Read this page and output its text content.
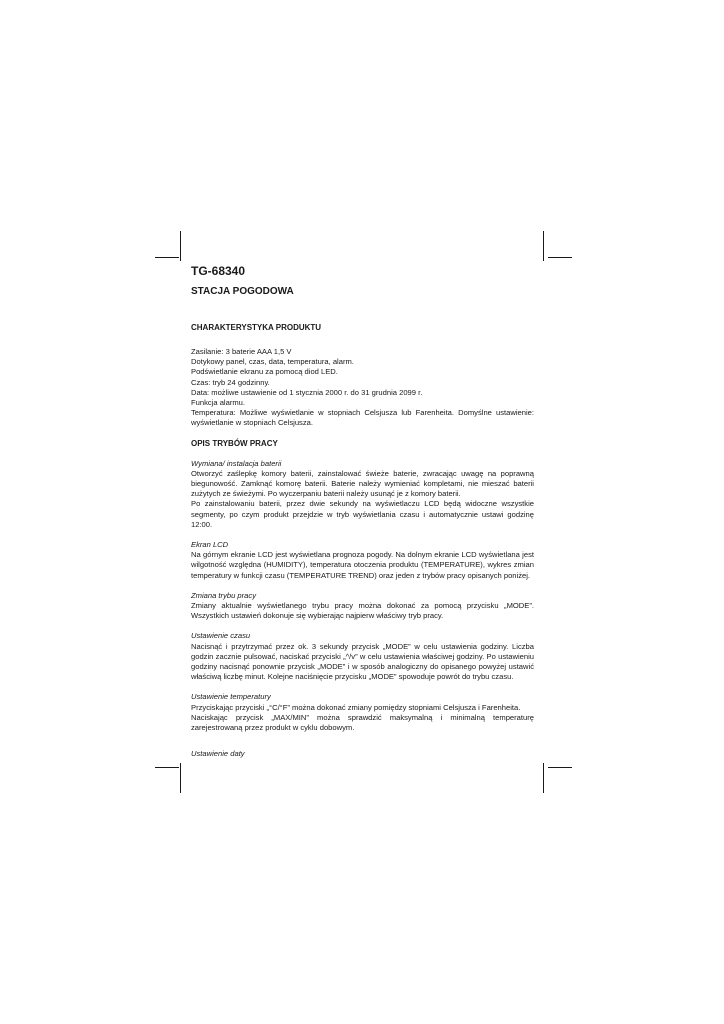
TG-68340

STACJA POGODOWA

CHARAKTERYSTYKA PRODUKTU

Zasilanie: 3 baterie AAA 1,5 V

Dotykowy panel, czas, data, temperatura, alarm.

Podświetlanie ekranu za pomocą diod LED.

Czas: tryb 24 godzinny.

Data: możliwe ustawienie od 1 stycznia 2000 r. do 31 grudnia 2099 r.

Funkcja alarmu.

Temperatura: Możliwe wyświetlanie w stopniach Celsjusza lub Farenheita. Domyślne ustawienie: wyświetlanie w stopniach Celsjusza.

OPIS TRYBÓW PRACY

Wymiana/ instalacja baterii

Otworzyć zaślepkę komory baterii, zainstalować świeże baterie, zwracając uwagę na poprawną biegunowość. Zamknąć komorę baterii. Baterie należy wymieniać kompletami, nie mieszać baterii zużytych ze świeżymi. Po wyczerpaniu baterii należy usunąć je z komory baterii.

Po zainstalowaniu baterii, przez dwie sekundy na wyświetlaczu LCD będą widoczne wszystkie segmenty, po czym produkt przejdzie w tryb wyświetlania czasu i automatycznie ustawi godzinę 12:00.

Ekran LCD

Na górnym ekranie LCD jest wyświetlana prognoza pogody. Na dolnym ekranie LCD wyświetlana jest wilgotność względna (HUMIDITY), temperatura otoczenia produktu (TEMPERATURE), wykres zmian temperatury w funkcji czasu (TEMPERATURE TREND) oraz jeden z trybów pracy opisanych poniżej.

Zmiana trybu pracy

Zmiany aktualnie wyświetlanego trybu pracy można dokonać za pomocą przycisku „MODE”. Wszystkich ustawień dokonuje się wybierając najpierw właściwy tryb pracy.

Ustawienie czasu

Nacisnąć i przytrzymać przez ok. 3 sekundy przycisk „MODE” w celu ustawienia godziny. Liczba godzin zacznie pulsować, naciskać przyciski „^/v” w celu ustawienia właściwej godziny. Po ustawieniu godziny nacisnąć ponownie przycisk „MODE” i w sposób analogiczny do opisanego powyżej ustawić właściwą liczbę minut. Kolejne naciśnięcie przycisku „MODE” spowoduje powrót do trybu czasu.

Ustawienie temperatury

Przyciskając przyciski „°C/°F” można dokonać zmiany pomiędzy stopniami Celsjusza i Farenheita.

Naciskając przycisk „MAX/MIN” można sprawdzić maksymalną i minimalną temperaturę zarejestrowaną przez produkt w cyklu dobowym.

Ustawienie daty
